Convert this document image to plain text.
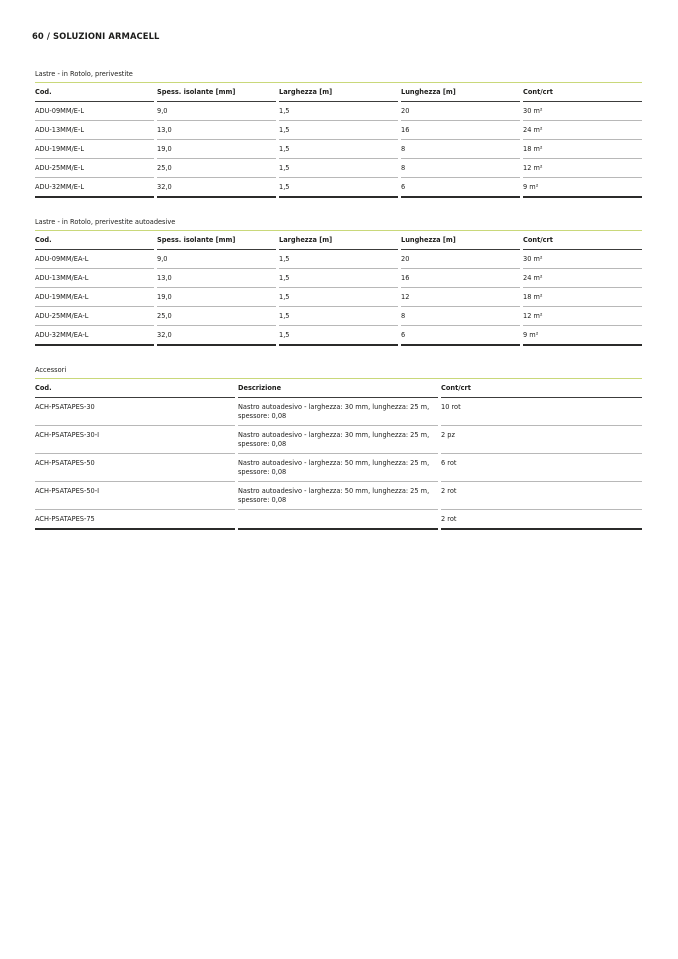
60 / SOLUZIONI ARMACELL
Lastre - in Rotolo, prerivestite
Cod.		Spess. isolante [mm]		Larghezza [m]		Lunghezza [m]		Cont/crt
ADU-09MM/E-L		9,0		1,5		20		30 m²
ADU-13MM/E-L		13,0		1,5		16		24 m²
ADU-19MM/E-L		19,0		1,5		8		18 m²
ADU-25MM/E-L		25,0		1,5		8		12 m²
ADU-32MM/E-L		32,0		1,5		6		9 m²
Lastre - in Rotolo, prerivestite autoadesive
Cod.		Spess. isolante [mm]		Larghezza [m]		Lunghezza [m]		Cont/crt
ADU-09MM/EA-L		9,0		1,5		20		30 m²
ADU-13MM/EA-L		13,0		1,5		16		24 m²
ADU-19MM/EA-L		19,0		1,5		12		18 m²
ADU-25MM/EA-L		25,0		1,5		8		12 m²
ADU-32MM/EA-L		32,0		1,5		6		9 m²
Accessori
Cod.		Descrizione		Cont/crt
ACH-PSATAPES-30		Nastro autoadesivo - larghezza: 30 mm, lunghezza: 25 m, spessore: 0,08		10 rot
ACH-PSATAPES-30-I		Nastro autoadesivo - larghezza: 30 mm, lunghezza: 25 m, spessore: 0,08		2 pz
ACH-PSATAPES-50		Nastro autoadesivo - larghezza: 50 mm, lunghezza: 25 m, spessore: 0,08		6 rot
ACH-PSATAPES-50-I		Nastro autoadesivo - larghezza: 50 mm, lunghezza: 25 m, spessore: 0,08		2 rot
ACH-PSATAPES-75				2 rot
